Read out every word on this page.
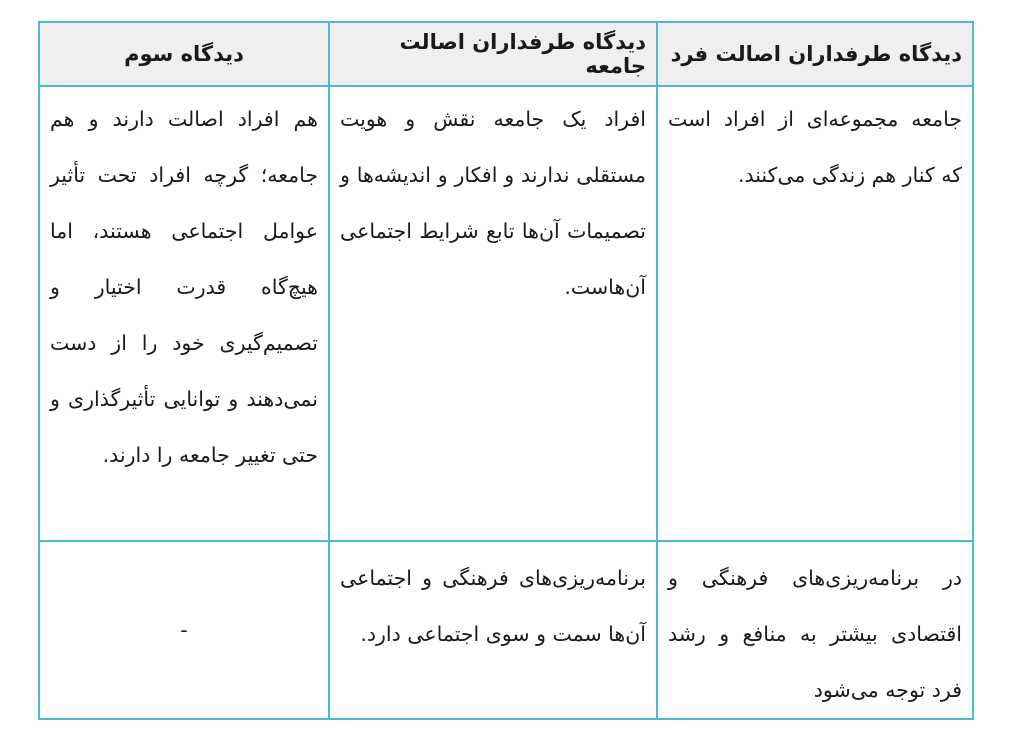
دیدگاه طرفداران اصالت فرد	دیدگاه طرفداران اصالت جامعه	دیدگاه سوم
جامعه مجموعه‌ای از افراد است که کنار هم زندگی می‌کنند.	افراد یک جامعه نقش و هویت مستقلی ندارند و افکار و اندیشه‌ها و تصمیمات آن‌ها تابع شرایط اجتماعی آن‌هاست.	هم افراد اصالت دارند و هم جامعه؛ گرچه افراد تحت تأثیر عوامل اجتماعی هستند، اما هیچ‌گاه قدرت اختیار و تصمیم‌گیری خود را از دست نمی‌دهند و توانایی تأثیرگذاری و حتی تغییر جامعه را دارند.
در برنامه‌ریزی‌های فرهنگی و اقتصادی بیشتر به منافع و رشد فرد توجه می‌شود	برنامه‌ریزی‌های فرهنگی و اجتماعی آن‌ها سمت و سوی اجتماعی دارد.	-
